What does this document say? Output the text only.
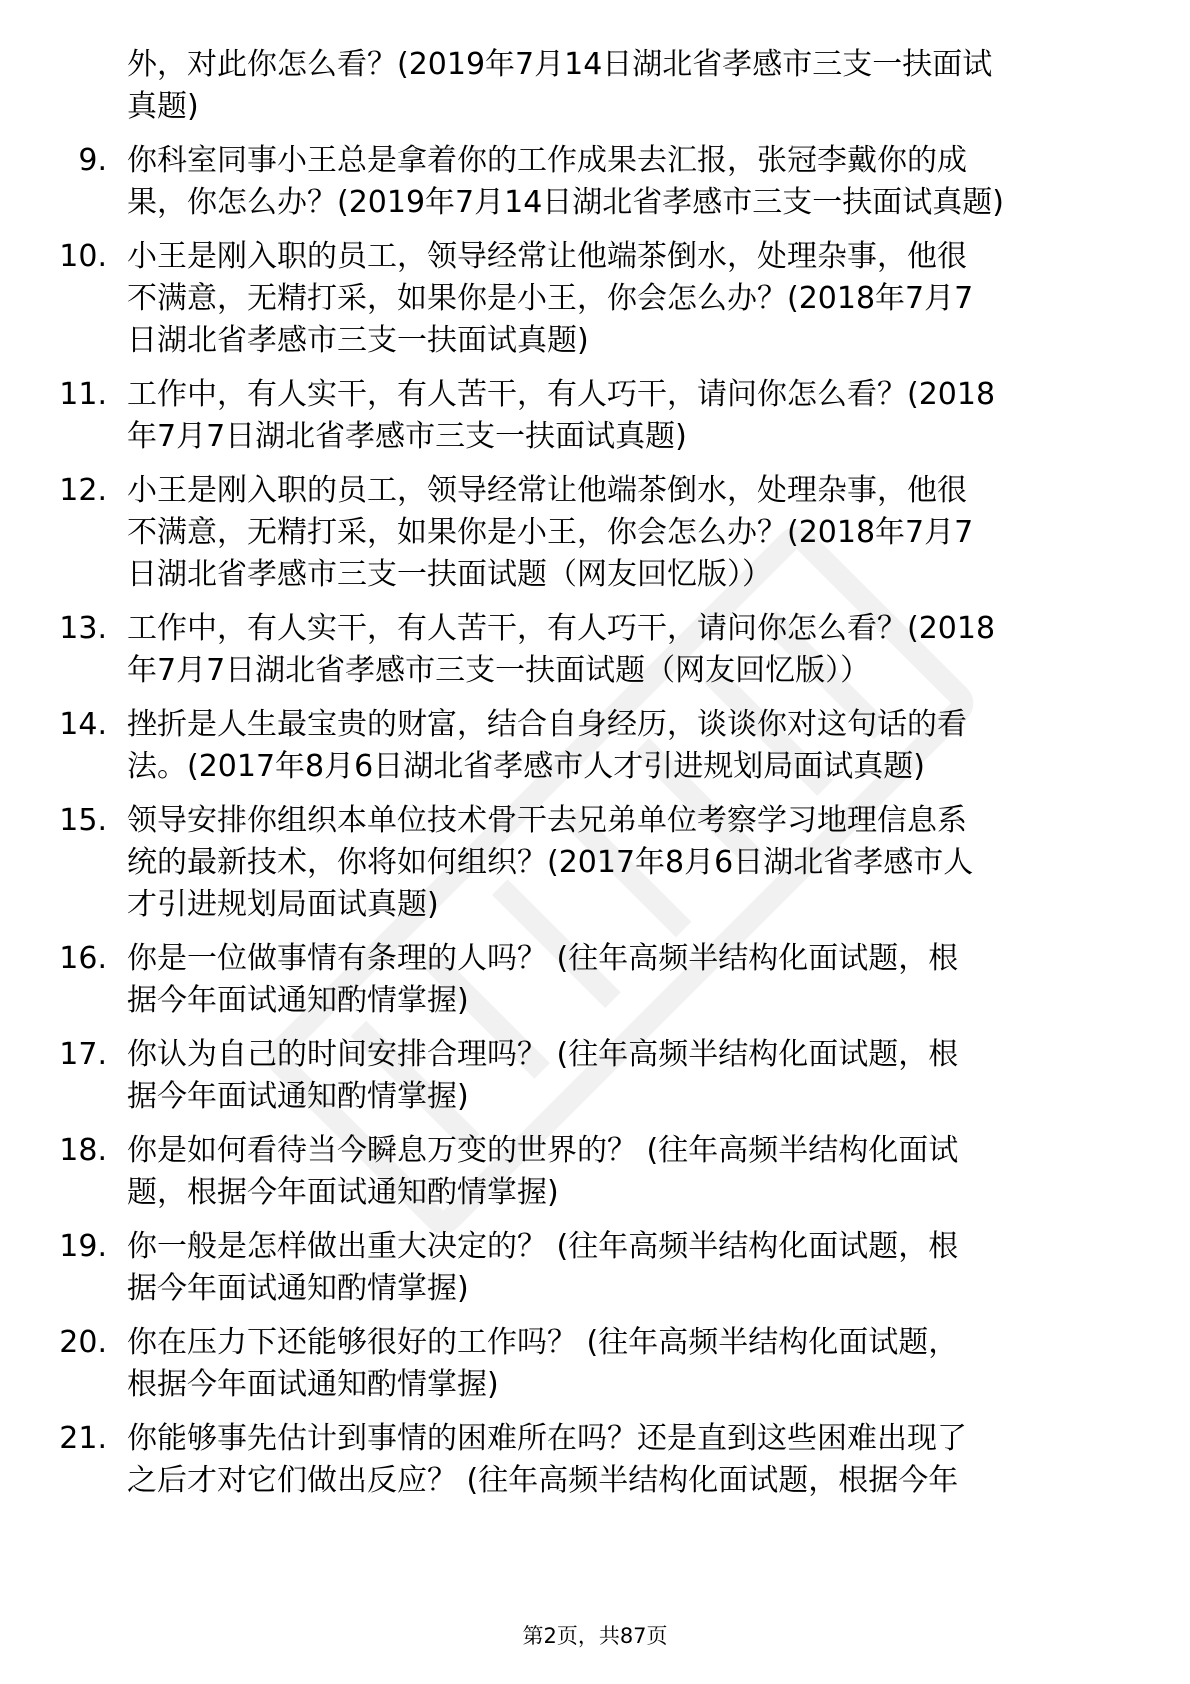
外，对此你怎么看？(2019年7月14日湖北省孝感市三支一扶面试
真题)
9. 你科室同事小王总是拿着你的工作成果去汇报，张冠李戴你的成
果，你怎么办？(2019年7月14日湖北省孝感市三支一扶面试真题)
10. 小王是刚入职的员工，领导经常让他端茶倒水，处理杂事，他很
不满意，无精打采，如果你是小王，你会怎么办？(2018年7月7
日湖北省孝感市三支一扶面试真题)
11. 工作中，有人实干，有人苦干，有人巧干，请问你怎么看？(2018
年7月7日湖北省孝感市三支一扶面试真题)
12. 小王是刚入职的员工，领导经常让他端茶倒水，处理杂事，他很
不满意，无精打采，如果你是小王，你会怎么办？(2018年7月7
日湖北省孝感市三支一扶面试题（网友回忆版））
13. 工作中，有人实干，有人苦干，有人巧干，请问你怎么看？(2018
年7月7日湖北省孝感市三支一扶面试题（网友回忆版））
14. 挫折是人生最宝贵的财富，结合自身经历，谈谈你对这句话的看
法。(2017年8月6日湖北省孝感市人才引进规划局面试真题)
15. 领导安排你组织本单位技术骨干去兄弟单位考察学习地理信息系
统的最新技术，你将如何组织？(2017年8月6日湖北省孝感市人
才引进规划局面试真题)
16. 你是一位做事情有条理的人吗？ (往年高频半结构化面试题，根
据今年面试通知酌情掌握)
17. 你认为自己的时间安排合理吗？ (往年高频半结构化面试题，根
据今年面试通知酌情掌握)
18. 你是如何看待当今瞬息万变的世界的？ (往年高频半结构化面试
题，根据今年面试通知酌情掌握)
19. 你一般是怎样做出重大决定的？ (往年高频半结构化面试题，根
据今年面试通知酌情掌握)
20. 你在压力下还能够很好的工作吗？ (往年高频半结构化面试题，
根据今年面试通知酌情掌握)
21. 你能够事先估计到事情的困难所在吗？还是直到这些困难出现了
之后才对它们做出反应？ (往年高频半结构化面试题，根据今年
第2页，共87页
